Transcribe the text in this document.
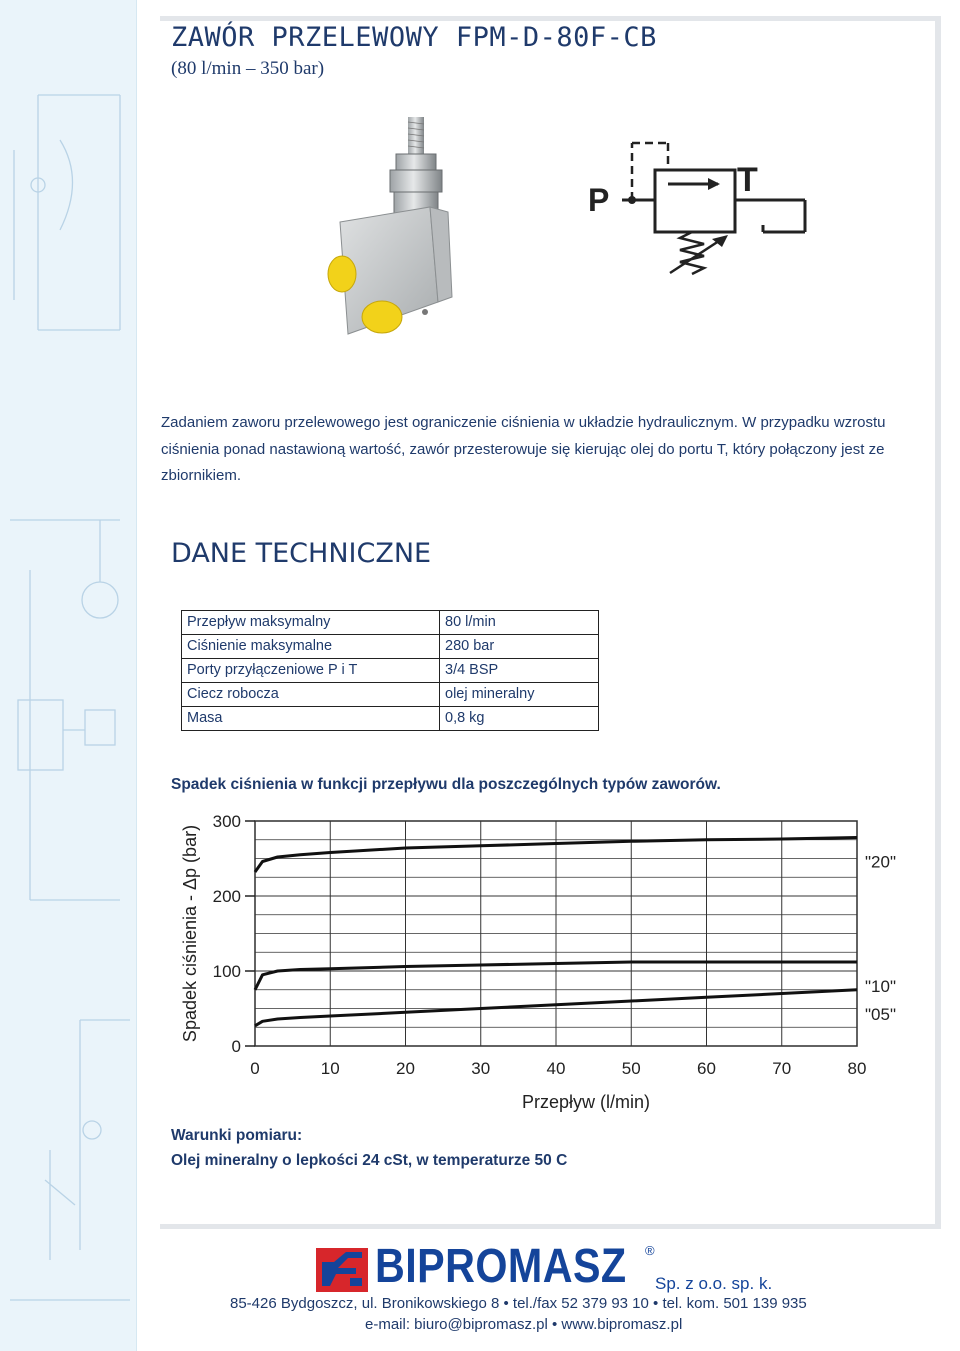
ZAWÓR PRZELEWOWY FPM-D-80F-CB

(80 l/min – 350 bar)

P
T

Zadaniem zaworu przelewowego jest ograniczenie ciśnienia w układzie hydraulicznym. W przypadku wzrostu ciśnienia ponad nastawioną wartość, zawór przesterowuje się kierując olej do portu T, który połączony jest ze zbiornikiem.

DANE TECHNICZNE
Przepływ maksymalny	80 l/min
Ciśnienie maksymalne	280 bar
Porty przyłączeniowe P i T	3/4 BSP
Ciecz robocza	olej mineralny
Masa	0,8 kg

Spadek ciśnienia w funkcji przepływu dla poszczególnych typów zaworów.

0	10	20	30	40	50	60	70	80
0
100
200
300
"20"
"10"
"05"
Przepływ (l/min)
Spadek ciśnienia - Δp (bar)

Warunki pomiaru:

Olej mineralny o lepkości 24 cSt, w temperaturze 50 C

BIPROMASZ ®

Sp. z o.o. sp. k.

85-426 Bydgoszcz, ul. Bronikowskiego 8 • tel./fax 52 379 93 10 • tel. kom. 501 139 935

e-mail: biuro@bipromasz.pl • www.bipromasz.pl
